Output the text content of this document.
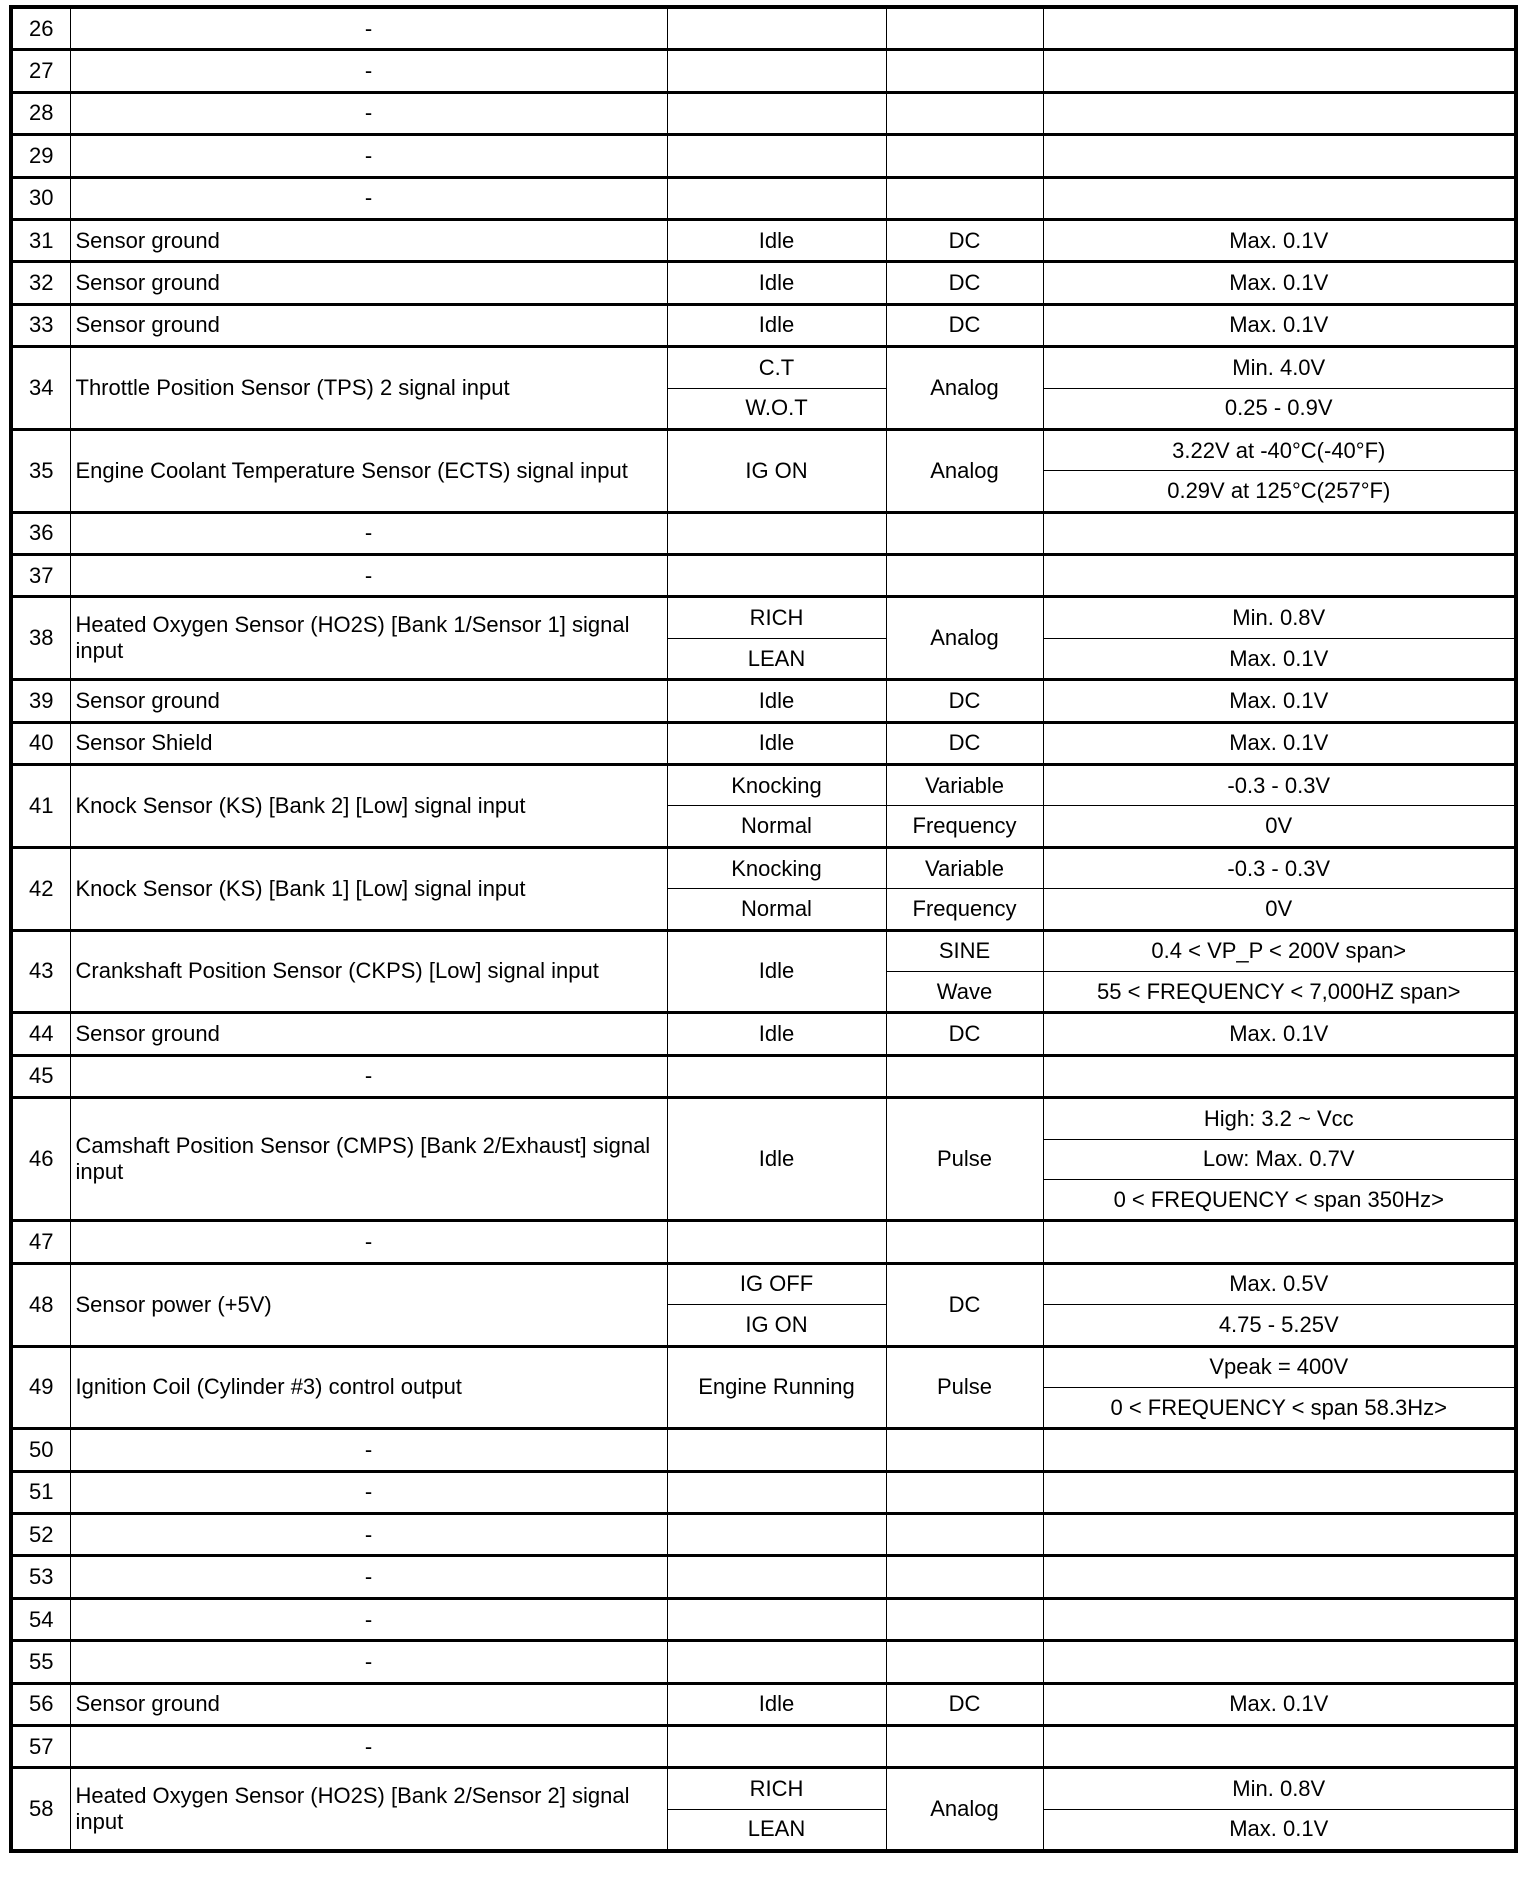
26	-			
27	-			
28	-			
29	-			
30	-			
31	Sensor ground	Idle	DC	Max. 0.1V
32	Sensor ground	Idle	DC	Max. 0.1V
33	Sensor ground	Idle	DC	Max. 0.1V
34	Throttle Position Sensor (TPS) 2 signal input	C.T	Analog	Min. 4.0V
		W.O.T		0.25 - 0.9V
35	Engine Coolant Temperature Sensor (ECTS) signal input	IG ON	Analog	3.22V at -40°C(-40°F)
				0.29V at 125°C(257°F)
36	-			
37	-			
38	Heated Oxygen Sensor (HO2S) [Bank 1/Sensor 1] signal input	RICH	Analog	Min. 0.8V
		LEAN		Max. 0.1V
39	Sensor ground	Idle	DC	Max. 0.1V
40	Sensor Shield	Idle	DC	Max. 0.1V
41	Knock Sensor (KS) [Bank 2] [Low] signal input	Knocking	Variable	-0.3 - 0.3V
		Normal	Frequency	0V
42	Knock Sensor (KS) [Bank 1] [Low] signal input	Knocking	Variable	-0.3 - 0.3V
		Normal	Frequency	0V
43	Crankshaft Position Sensor (CKPS) [Low] signal input	Idle	SINE	0.4 < VP_P < 200V span>
			Wave	55 < FREQUENCY < 7,000HZ span>
44	Sensor ground	Idle	DC	Max. 0.1V
45	-			
46	Camshaft Position Sensor (CMPS) [Bank 2/Exhaust] signal input	Idle	Pulse	High: 3.2 ~ Vcc
				Low: Max. 0.7V
				0 < FREQUENCY < span 350Hz>
47	-			
48	Sensor power (+5V)	IG OFF	DC	Max. 0.5V
		IG ON		4.75 - 5.25V
49	Ignition Coil (Cylinder #3) control output	Engine Running	Pulse	Vpeak = 400V
				0 < FREQUENCY < span 58.3Hz>
50	-			
51	-			
52	-			
53	-			
54	-			
55	-			
56	Sensor ground	Idle	DC	Max. 0.1V
57	-			
58	Heated Oxygen Sensor (HO2S) [Bank 2/Sensor 2] signal input	RICH	Analog	Min. 0.8V
		LEAN		Max. 0.1V
